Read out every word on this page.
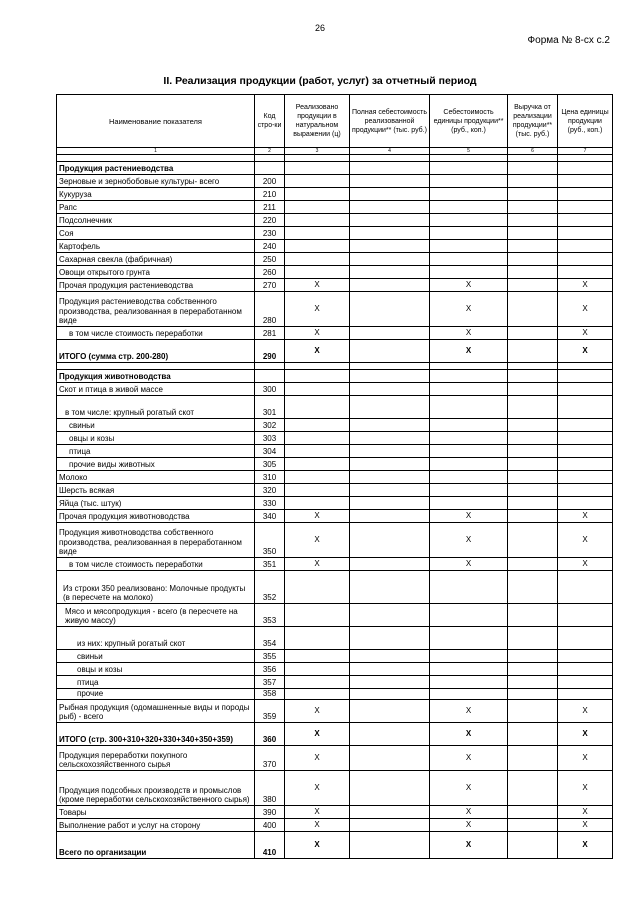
26
Форма № 8-сх с.2
II. Реализация продукции (работ, услуг) за отчетный период
Наименование показателя	Код стро-ки	Реализовано продукции в натуральном выражении (ц)	Полная себестоимость реализованной продукции** (тыс. руб.)	Себестоимость единицы продукции** (руб., коп.)	Выручка от реализации продукции** (тыс. руб.)	Цена единицы продукции (руб., коп.)
1	2	3	4	5	6	7

Продукция растениеводства						
Зерновые и зернобобовые культуры- всего	200					
Кукуруза	210					
Рапс	211					
Подсолнечник	220					
Соя	230					
Картофель	240					
Сахарная свекла (фабричная)	250					
Овощи открытого грунта	260					
Прочая продукция растениеводства	270	Х		Х		Х
Продукция растениеводства собственного производства, реализованная в переработанном виде	280	Х		Х		Х
в том числе стоимость переработки	281	Х		Х		Х
ИТОГО (сумма стр. 200-280)	290	Х		Х		Х

Продукция животноводства						
Скот и птица в живой массе	300					
в том числе: крупный рогатый скот	301					
свиньи	302					
овцы и козы	303					
птица	304					
прочие виды животных	305					
Молоко	310					
Шерсть всякая	320					
Яйца (тыс. штук)	330					
Прочая продукция животноводства	340	Х		Х		Х
Продукция животноводства собственного производства, реализованная в переработанном виде	350	Х		Х		Х
в том числе стоимость переработки	351	Х		Х		Х
Из строки 350 реализовано: Молочные продукты (в пересчете на молоко)	352					
Мясо и мясопродукция - всего (в пересчете на живую массу)	353					
из них: крупный рогатый скот	354					
свиньи	355					
овцы и козы	356					
птица	357					
прочие	358					
Рыбная продукция (одомашненные виды и породы рыб) - всего	359	Х		Х		Х
ИТОГО (стр. 300+310+320+330+340+350+359)	360	Х		Х		Х
Продукция переработки покупного сельскохозяйственного сырья	370	Х		Х		Х
Продукция подсобных производств и промыслов (кроме переработки сельскохозяйственного сырья)	380	Х		Х		Х
Товары	390	Х		Х		Х
Выполнение работ и услуг на сторону	400	Х		Х		Х
Всего по организации	410	Х		Х		Х
